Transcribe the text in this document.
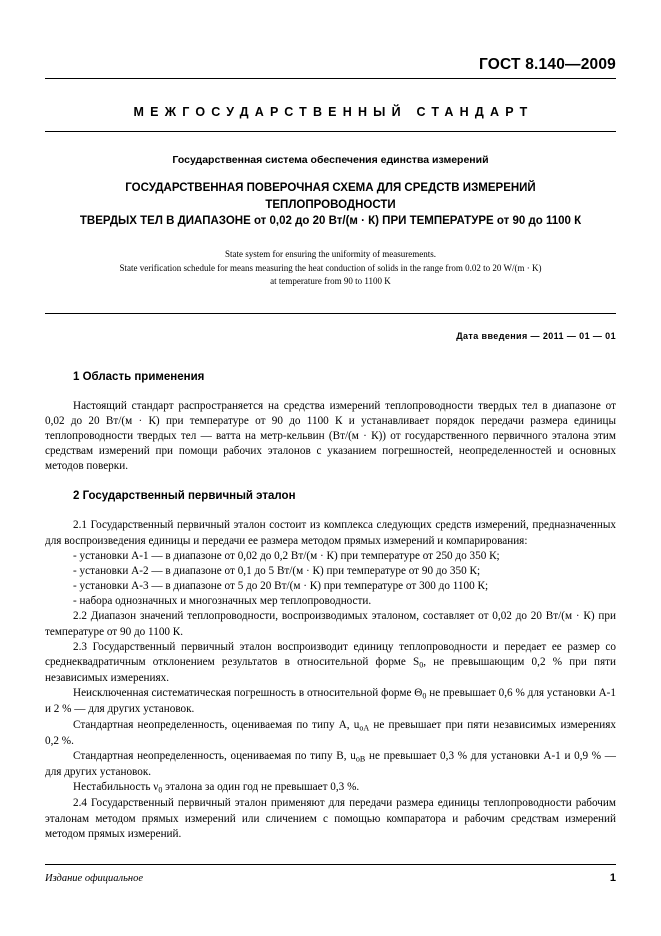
ГОСТ 8.140—2009
МЕЖГОСУДАРСТВЕННЫЙ СТАНДАРТ
Государственная система обеспечения единства измерений
ГОСУДАРСТВЕННАЯ ПОВЕРОЧНАЯ СХЕМА ДЛЯ СРЕДСТВ ИЗМЕРЕНИЙ ТЕПЛОПРОВОДНОСТИ
ТВЕРДЫХ ТЕЛ В ДИАПАЗОНЕ от 0,02 до 20 Вт/(м · К) ПРИ ТЕМПЕРАТУРЕ от 90 до 1100 К
State system for ensuring the uniformity of measurements.
State verification schedule for means measuring the heat conduction of solids in the range from 0.02 to 20 W/(m · K)
at temperature from 90 to 1100 K
Дата введения — 2011 — 01 — 01
1 Область применения

Настоящий стандарт распространяется на средства измерений теплопроводности твердых тел в диапазоне от 0,02 до 20 Вт/(м · К) при температуре от 90 до 1100 К и устанавливает порядок передачи размера единицы теплопроводности твердых тел — ватта на метр-кельвин (Вт/(м · К)) от государственного первичного эталона этим средствам измерений при помощи рабочих эталонов с указанием погрешностей, неопределенностей и основных методов поверки.

2 Государственный первичный эталон

2.1 Государственный первичный эталон состоит из комплекса следующих средств измерений, предназначенных для воспроизведения единицы и передачи ее размера методом прямых измерений и компарирования:

- установки А-1 — в диапазоне от 0,02 до 0,2 Вт/(м · К) при температуре от 250 до 350 К;
- установки А-2 — в диапазоне от 0,1 до 5 Вт/(м · К) при температуре от 90 до 350 К;
- установки А-3 — в диапазоне от 5 до 20 Вт/(м · К) при температуре от 300 до 1100 К;
- набора однозначных и многозначных мер теплопроводности.

2.2 Диапазон значений теплопроводности, воспроизводимых эталоном, составляет от 0,02 до 20 Вт/(м · К) при температуре от 90 до 1100 К.

2.3 Государственный первичный эталон воспроизводит единицу теплопроводности и передает ее размер со среднеквадратичным отклонением результатов в относительной форме $S_0$, не превышающим 0,2 % при пяти независимых измерениях.

Неисключенная систематическая погрешность в относительной форме $\Theta_0$ не превышает 0,6 % для установки А-1 и 2 % — для других установок.

Стандартная неопределенность, оцениваемая по типу А, $u_{оA}$ не превышает при пяти независимых измерениях 0,2 %.

Стандартная неопределенность, оцениваемая по типу В, $u_{оB}$ не превышает 0,3 % для установки А-1 и 0,9 % — для других установок.

Нестабильность $\nu_0$ эталона за один год не превышает 0,3 %.

2.4 Государственный первичный эталон применяют для передачи размера единицы теплопроводности рабочим эталонам методом прямых измерений или сличением с помощью компаратора и рабочим средствам измерений методом прямых измерений.

Издание официальное	1
